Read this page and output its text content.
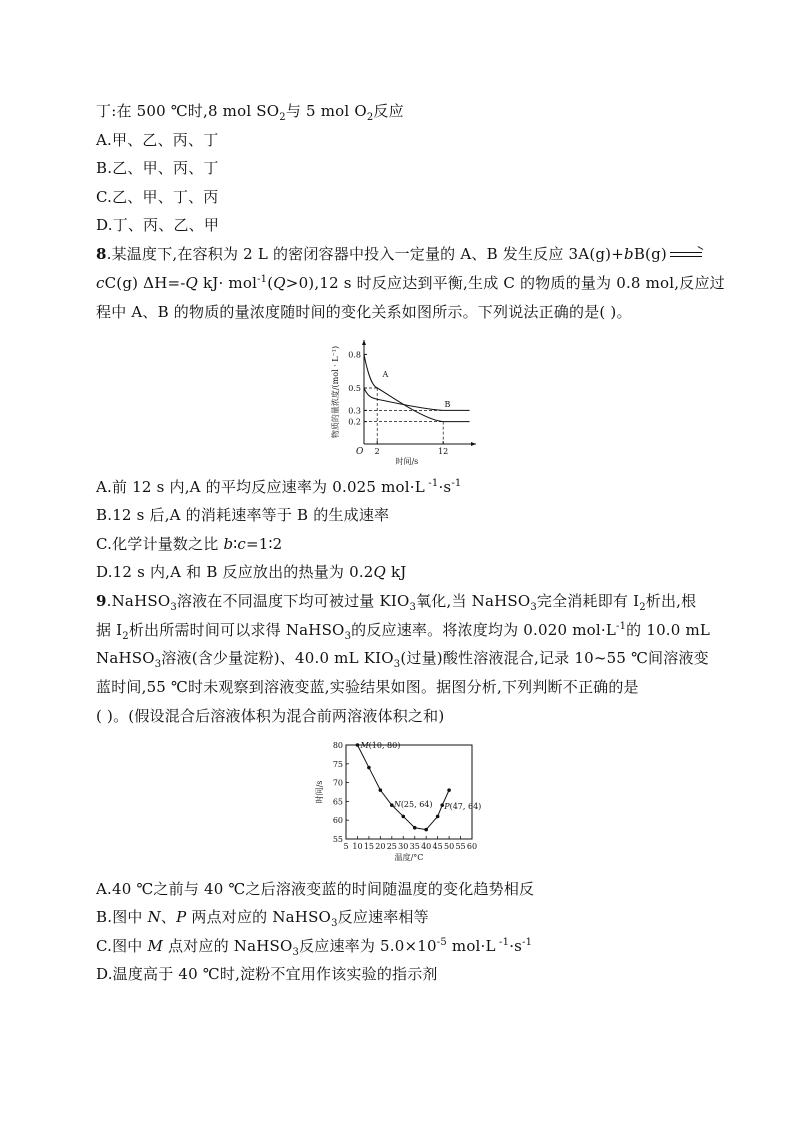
丁:在 500 ℃时,8 mol $SO_2$与 5 mol $O_2$反应
A.甲、乙、丙、丁
B.乙、甲、丙、丁
C.乙、甲、丁、丙
D.丁、丙、乙、甲
8.某温度下,在容积为 2 L 的密闭容器中投入一定量的 A、B 发生反应 3A(g)+bB(g)
cC(g) ΔH=-Q kJ· mol$^{-1}$(Q>0),12 s 时反应达到平衡,生成 C 的物质的量为 0.8 mol,反应过
程中 A、B 的物质的量浓度随时间的变化关系如图所示。下列说法正确的是( )。
0.2
0.3
0.5
0.8
2	12
O
A
B
时间/s
物质的量浓度/(mol · L⁻¹)
A.前 12 s 内,A 的平均反应速率为 0.025 mol·L $^{-1}\cdot s^{-1}$
B.12 s 后,A 的消耗速率等于 B 的生成速率
C.化学计量数之比 b∶c=1∶2
D.12 s 内,A 和 B 反应放出的热量为 0.2Q kJ
9.NaHSO$_3$溶液在不同温度下均可被过量 $KIO_3$氧化,当 NaHSO$_3$完全消耗即有 $I_2$析出,根
据 $I_2$析出所需时间可以求得 NaHSO$_3$的反应速率。将浓度均为 0.020 $mol\cdot L^{-1}$的 10.0 mL
NaHSO$_3$溶液(含少量淀粉)、40.0 mL $KIO_3$(过量)酸性溶液混合,记录 10~55 ℃间溶液变
蓝时间,55 ℃时未观察到溶液变蓝,实验结果如图。据图分析,下列判断不正确的是
( )。(假设混合后溶液体积为混合前两溶液体积之和)
5 10 15 20 25 30 35 40 45 50 55 60
55
60
65
70
75
80 M(10, 80)
N(25, 64) P(47, 64)
温度/°C
时间/s
A.40 ℃之前与 40 ℃之后溶液变蓝的时间随温度的变化趋势相反
B.图中 N、P 两点对应的 NaHSO$_3$反应速率相等
C.图中 M 点对应的 NaHSO$_3$反应速率为 $5.0\times 10^{-5}$ mol·L $^{-1}\cdot s^{-1}$
D.温度高于 40 ℃时,淀粉不宜用作该实验的指示剂
